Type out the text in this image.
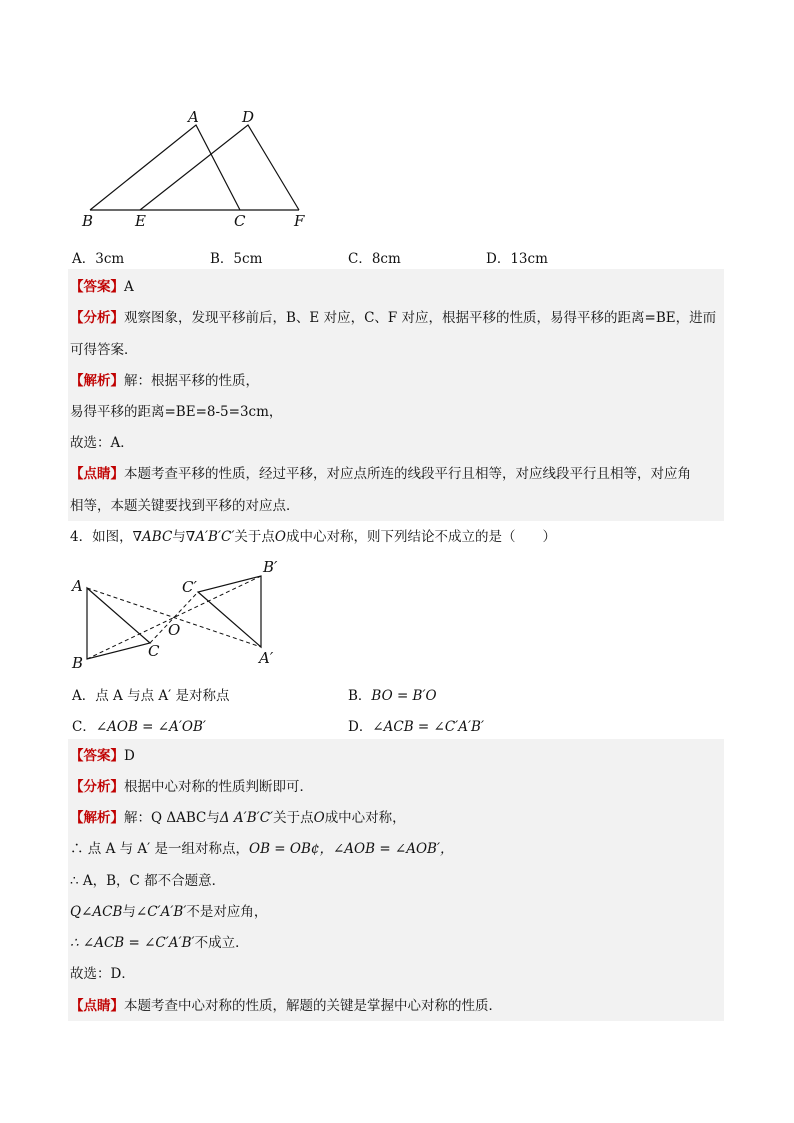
A	D
B	E	C	F
A．3cm	B．5cm	C．8cm	D．13cm
【答案】A
【分析】观察图象，发现平移前后，B、E 对应，C、F 对应，根据平移的性质，易得平移的距离=BE，进而
可得答案．
【解析】解：根据平移的性质，
易得平移的距离=BE=8-5=3cm，
故选：A．
【点睛】本题考查平移的性质，经过平移，对应点所连的线段平行且相等，对应线段平行且相等，对应角
相等，本题关键要找到平移的对应点．
4．如图，∇ABC与∇A′B′C′关于点O成中心对称，则下列结论不成立的是（　　）
A
B
C
O
C′
B′
A′
A．点 A 与点 A′ 是对称点	B．BO = B′O
C．∠AOB = ∠A′OB′	D．∠ACB = ∠C′A′B′
【答案】D
【分析】根据中心对称的性质判断即可．
【解析】解：Q ΔABC与Δ A′B′C′关于点O成中心对称，
∴ 点 A 与 A′ 是一组对称点，OB = OB¢，∠AOB = ∠AOB′，
∴ A，B，C 都不合题意．
Q∠ACB与∠C′A′B′不是对应角，
∴ ∠ACB = ∠C′A′B′不成立．
故选：D．
【点睛】本题考查中心对称的性质，解题的关键是掌握中心对称的性质．
